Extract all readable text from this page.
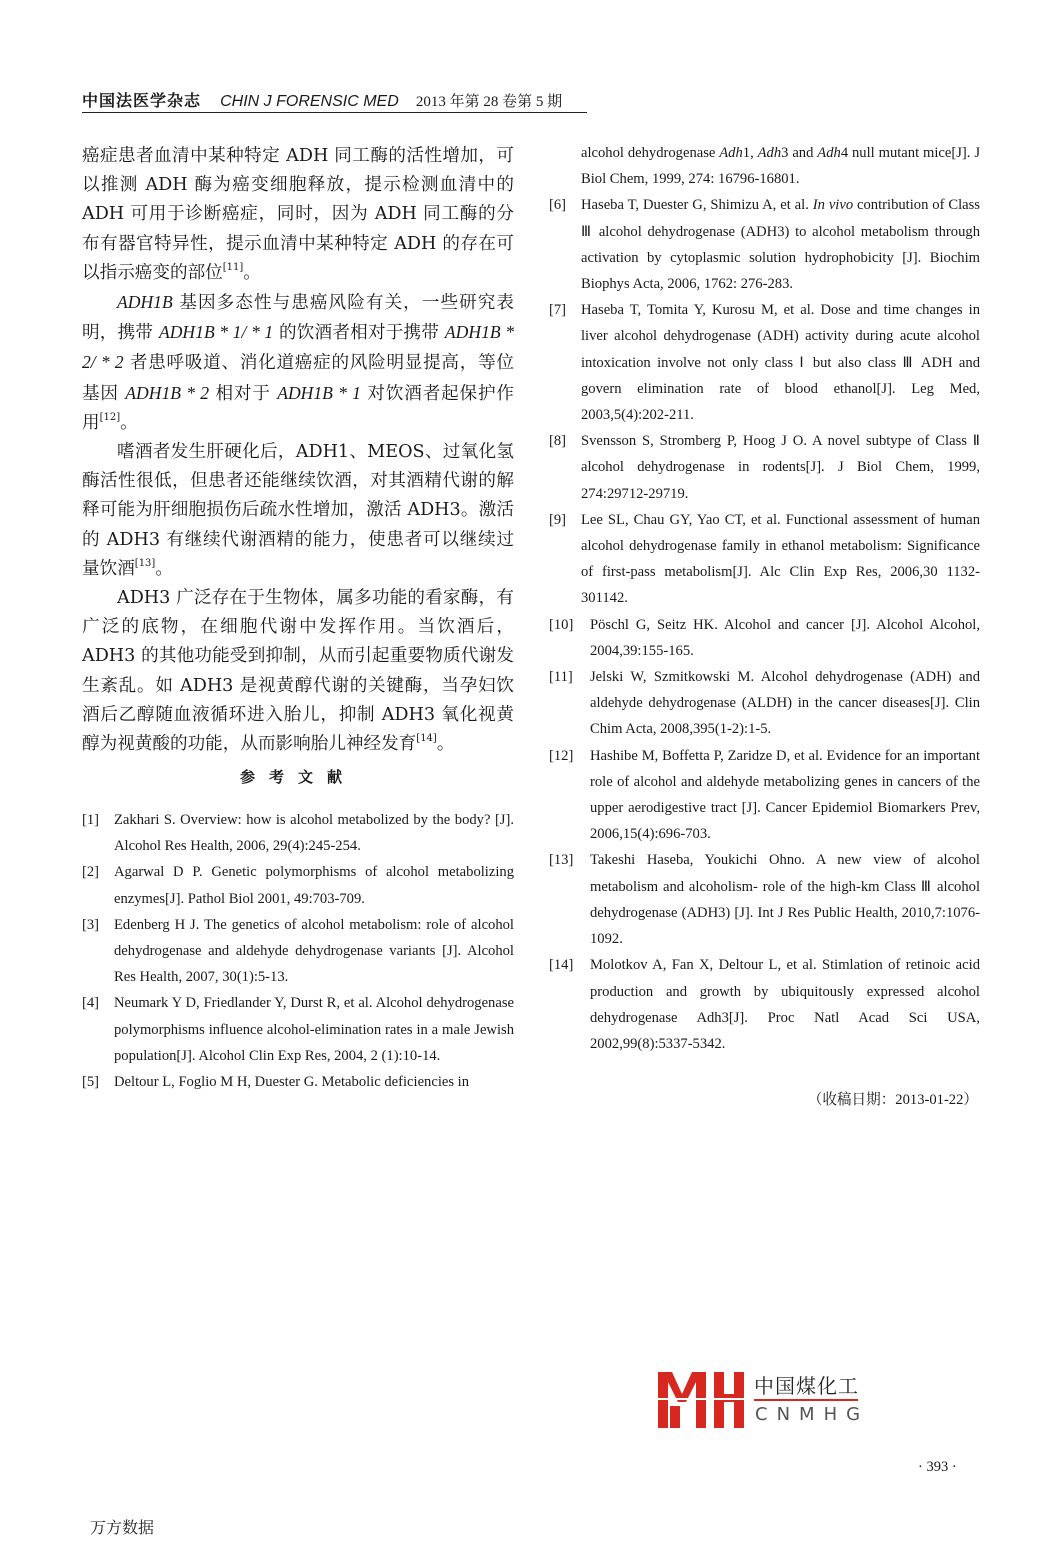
中国法医学杂志 CHIN J FORENSIC MED 2013 年第 28 卷第 5 期

癌症患者血清中某种特定 ADH 同工酶的活性增加，可以推测 ADH 酶为癌变细胞释放，提示检测血清中的 ADH 可用于诊断癌症，同时，因为 ADH 同工酶的分布有器官特异性，提示血清中某种特定 ADH 的存在可以指示癌变的部位[11]。

ADH1B 基因多态性与患癌风险有关，一些研究表明，携带 ADH1B * 1/ * 1 的饮酒者相对于携带 ADH1B * 2/ * 2 者患呼吸道、消化道癌症的风险明显提高，等位基因 ADH1B * 2 相对于 ADH1B * 1 对饮酒者起保护作用[12]。

嗜酒者发生肝硬化后，ADH1、MEOS、过氧化氢酶活性很低，但患者还能继续饮酒，对其酒精代谢的解释可能为肝细胞损伤后疏水性增加，激活 ADH3。激活的 ADH3 有继续代谢酒精的能力，使患者可以继续过量饮酒[13]。

ADH3 广泛存在于生物体，属多功能的看家酶，有广泛的底物，在细胞代谢中发挥作用。当饮酒后，ADH3 的其他功能受到抑制，从而引起重要物质代谢发生紊乱。如 ADH3 是视黄醇代谢的关键酶，当孕妇饮酒后乙醇随血液循环进入胎儿，抑制 ADH3 氧化视黄醇为视黄酸的功能，从而影响胎儿神经发育[14]。

参考文献
[1]	Zakhari S. Overview: how is alcohol metabolized by the body? [J]. Alcohol Res Health, 2006, 29(4):245-254.
[2]	Agarwal D P. Genetic polymorphisms of alcohol metabolizing enzymes[J]. Pathol Biol 2001, 49:703-709.
[3]	Edenberg H J. The genetics of alcohol metabolism: role of alcohol dehydrogenase and aldehyde dehydrogenase variants [J]. Alcohol Res Health, 2007, 30(1):5-13.
[4]	Neumark Y D, Friedlander Y, Durst R, et al. Alcohol dehydrogenase polymorphisms influence alcohol-elimination rates in a male Jewish population[J]. Alcohol Clin Exp Res, 2004, 2 (1):10-14.
[5]	Deltour L, Foglio M H, Duester G. Metabolic deficiencies in
alcohol dehydrogenase Adh1, Adh3 and Adh4 null mutant mice[J]. J Biol Chem, 1999, 274: 16796-16801.
[6]	Haseba T, Duester G, Shimizu A, et al. In vivo contribution of Class Ⅲ alcohol dehydrogenase (ADH3) to alcohol metabolism through activation by cytoplasmic solution hydrophobicity [J]. Biochim Biophys Acta, 2006, 1762: 276-283.
[7]	Haseba T, Tomita Y, Kurosu M, et al. Dose and time changes in liver alcohol dehydrogenase (ADH) activity during acute alcohol intoxication involve not only class Ⅰ but also class Ⅲ ADH and govern elimination rate of blood ethanol[J]. Leg Med, 2003,5(4):202-211.
[8]	Svensson S, Stromberg P, Hoog J O. A novel subtype of Class Ⅱ alcohol dehydrogenase in rodents[J]. J Biol Chem, 1999, 274:29712-29719.
[9]	Lee SL, Chau GY, Yao CT, et al. Functional assessment of human alcohol dehydrogenase family in ethanol metabolism: Significance of first-pass metabolism[J]. Alc Clin Exp Res, 2006,30 1132-301142.
[10]	Pöschl G, Seitz HK. Alcohol and cancer [J]. Alcohol Alcohol, 2004,39:155-165.
[11]	Jelski W, Szmitkowski M. Alcohol dehydrogenase (ADH) and aldehyde dehydrogenase (ALDH) in the cancer diseases[J]. Clin Chim Acta, 2008,395(1-2):1-5.
[12]	Hashibe M, Boffetta P, Zaridze D, et al. Evidence for an important role of alcohol and aldehyde metabolizing genes in cancers of the upper aerodigestive tract [J]. Cancer Epidemiol Biomarkers Prev, 2006,15(4):696-703.
[13]	Takeshi Haseba, Youkichi Ohno. A new view of alcohol metabolism and alcoholism- role of the high-km Class Ⅲ alcohol dehydrogenase (ADH3) [J]. Int J Res Public Health, 2010,7:1076-1092.
[14]	Molotkov A, Fan X, Deltour L, et al. Stimlation of retinoic acid production and growth by ubiquitously expressed alcohol dehydrogenase Adh3[J]. Proc Natl Acad Sci USA, 2002,99(8):5337-5342.
（收稿日期：2013-01-22）
中国煤化工
CNMHG
· 393 ·
万方数据
